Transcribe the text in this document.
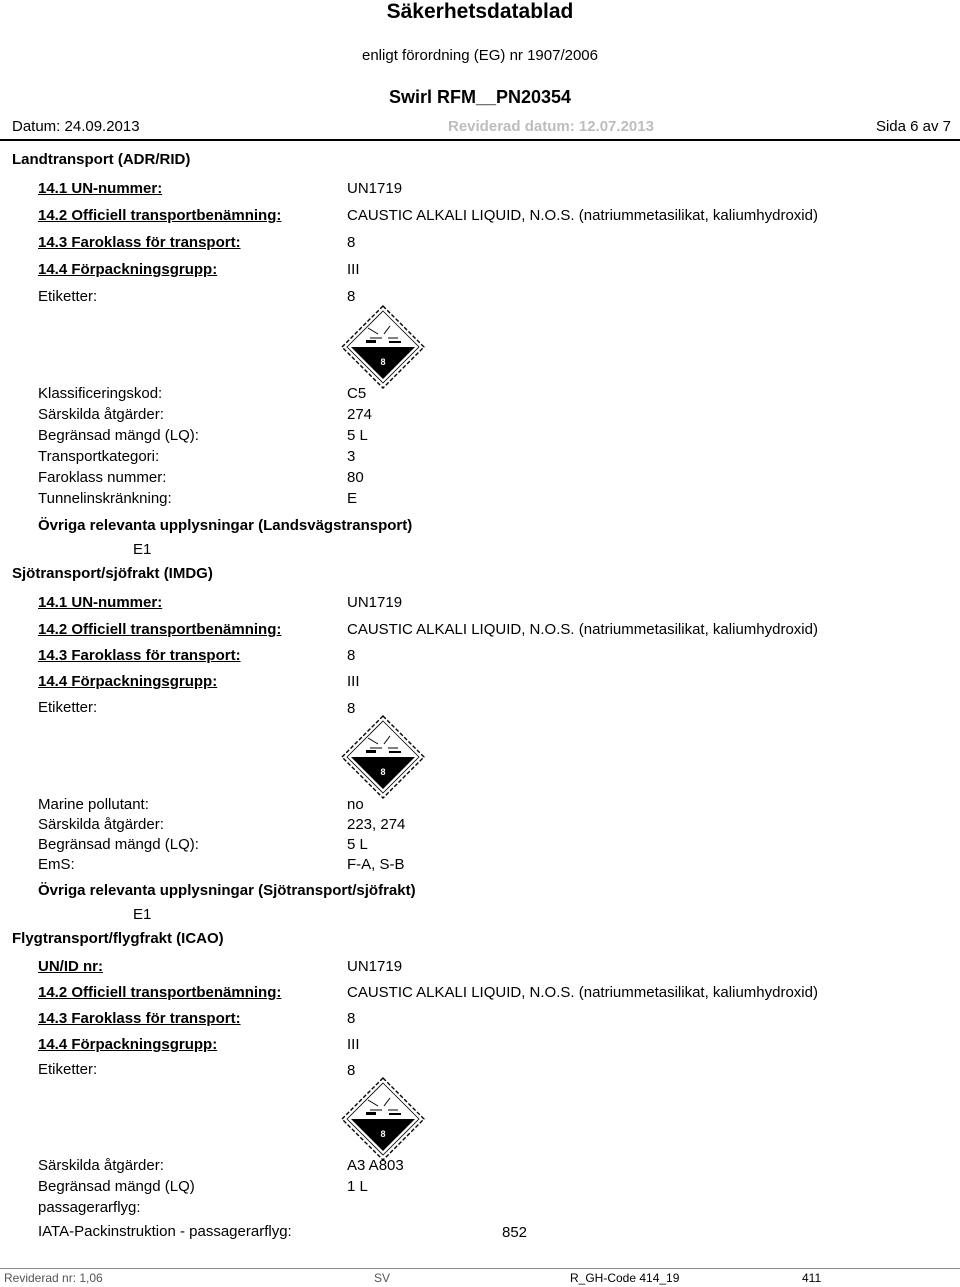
Säkerhetsdatablad
enligt förordning (EG) nr 1907/2006
Swirl RFM__PN20354
Datum: 24.09.2013	Reviderad datum: 12.07.2013	Sida 6 av 7
Landtransport (ADR/RID)
14.1 UN-nummer:	UN1719
14.2 Officiell transportbenämning:	CAUSTIC ALKALI LIQUID, N.O.S. (natriummetasilikat, kaliumhydroxid)
14.3 Faroklass för transport:	8
14.4 Förpackningsgrupp:	III
Etiketter:	8
8
Klassificeringskod:	C5
Särskilda åtgärder:	274
Begränsad mängd (LQ):	5 L
Transportkategori:	3
Faroklass nummer:	80
Tunnelinskränkning:	E
Övriga relevanta upplysningar (Landsvägstransport)
E1
Sjötransport/sjöfrakt (IMDG)
14.1 UN-nummer:	UN1719
14.2 Officiell transportbenämning:	CAUSTIC ALKALI LIQUID, N.O.S. (natriummetasilikat, kaliumhydroxid)
14.3 Faroklass för transport:	8
14.4 Förpackningsgrupp:	III
Etiketter:	8
8
Marine pollutant:	no
Särskilda åtgärder:	223, 274
Begränsad mängd (LQ):	5 L
EmS:	F-A, S-B
Övriga relevanta upplysningar (Sjötransport/sjöfrakt)
E1
Flygtransport/flygfrakt (ICAO)
UN/ID nr:	UN1719
14.2 Officiell transportbenämning:	CAUSTIC ALKALI LIQUID, N.O.S. (natriummetasilikat, kaliumhydroxid)
14.3 Faroklass för transport:	8
14.4 Förpackningsgrupp:	III
Etiketter:	8
8
Särskilda åtgärder:	A3 A803
Begränsad mängd (LQ)	1 L
passagerarflyg:
IATA-Packinstruktion - passagerarflyg:	852
Reviderad nr: 1,06	SV	R_GH-Code 414_19	411
